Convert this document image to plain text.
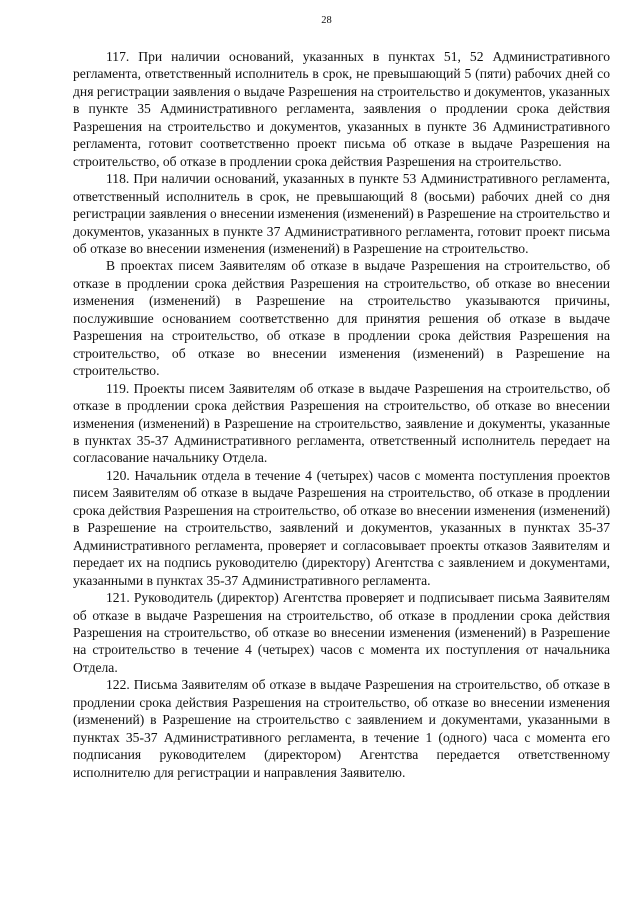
28

117. При наличии оснований, указанных в пунктах 51, 52 Административного регламента, ответственный исполнитель в срок, не превышающий 5 (пяти) рабочих дней со дня регистрации заявления о выдаче Разрешения на строительство и документов, указанных в пункте 35 Административного регламента, заявления о продлении срока действия Разрешения на строительство и документов, указанных в пункте 36 Административного регламента, готовит соответственно проект письма об отказе в выдаче Разрешения на строительство, об отказе в продлении срока действия Разрешения на строительство.

118. При наличии оснований, указанных в пункте 53 Административного регламента, ответственный исполнитель в срок, не превышающий 8 (восьми) рабочих дней со дня регистрации заявления о внесении изменения (изменений) в Разрешение на строительство и документов, указанных в пункте 37 Административного регламента, готовит проект письма об отказе во внесении изменения (изменений) в Разрешение на строительство.

В проектах писем Заявителям об отказе в выдаче Разрешения на строительство, об отказе в продлении срока действия Разрешения на строительство, об отказе во внесении изменения (изменений) в Разрешение на строительство указываются причины, послужившие основанием соответственно для принятия решения об отказе в выдаче Разрешения на строительство, об отказе в продлении срока действия Разрешения на строительство, об отказе во внесении изменения (изменений) в Разрешение на строительство.

119. Проекты писем Заявителям об отказе в выдаче Разрешения на строительство, об отказе в продлении срока действия Разрешения на строительство, об отказе во внесении изменения (изменений) в Разрешение на строительство, заявление и документы, указанные в пунктах 35-37 Административного регламента, ответственный исполнитель передает на согласование начальнику Отдела.

120. Начальник отдела в течение 4 (четырех) часов с момента поступления проектов писем Заявителям об отказе в выдаче Разрешения на строительство, об отказе в продлении срока действия Разрешения на строительство, об отказе во внесении изменения (изменений) в Разрешение на строительство, заявлений и документов, указанных в пунктах 35-37 Административного регламента, проверяет и согласовывает проекты отказов Заявителям и передает их на подпись руководителю (директору) Агентства с заявлением и документами, указанными в пунктах 35-37 Административного регламента.

121. Руководитель (директор) Агентства проверяет и подписывает письма Заявителям об отказе в выдаче Разрешения на строительство, об отказе в продлении срока действия Разрешения на строительство, об отказе во внесении изменения (изменений) в Разрешение на строительство в течение 4 (четырех) часов с момента их поступления от начальника Отдела.

122. Письма Заявителям об отказе в выдаче Разрешения на строительство, об отказе в продлении срока действия Разрешения на строительство, об отказе во внесении изменения (изменений) в Разрешение на строительство с заявлением и документами, указанными в пунктах 35-37 Административного регламента, в течение 1 (одного) часа с момента его подписания руководителем (директором) Агентства передается ответственному исполнителю для регистрации и направления Заявителю.
